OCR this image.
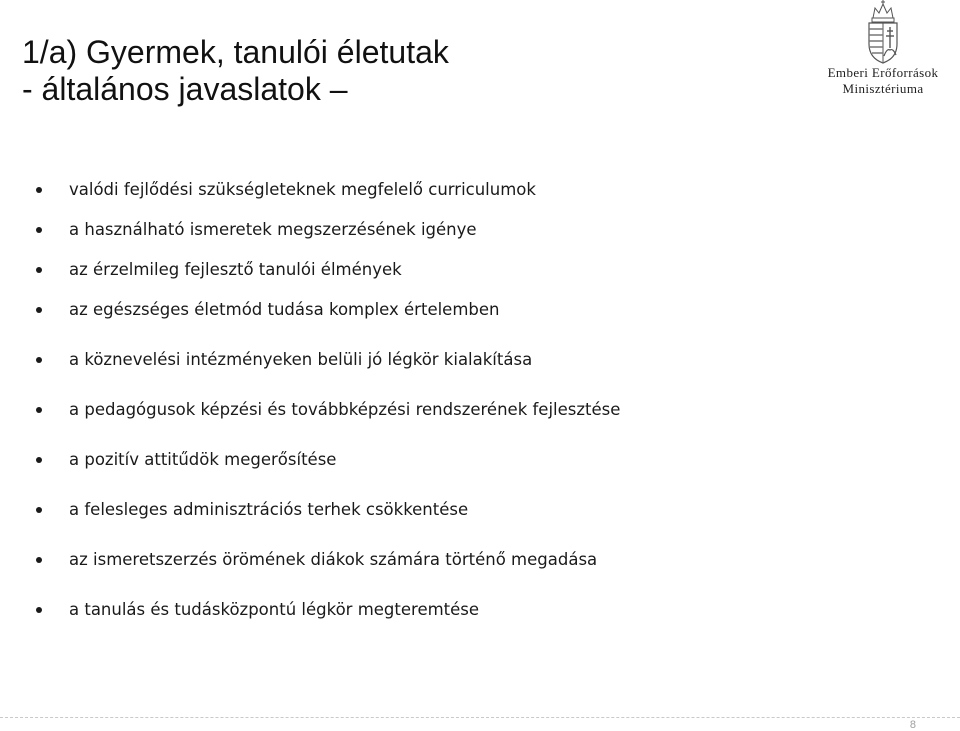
1/a) Gyermek, tanulói életutak
- általános javaslatok –	Emberi Erőforrások
Minisztériuma
valódi fejlődési szükségleteknek megfelelő curriculumok
a használható ismeretek megszerzésének igénye
az érzelmileg fejlesztő tanulói élmények
az egészséges életmód tudása komplex értelemben
a köznevelési intézményeken belüli jó légkör kialakítása
a pedagógusok képzési és továbbképzési rendszerének fejlesztése
a pozitív attitűdök megerősítése
a felesleges adminisztrációs terhek csökkentése
az ismeretszerzés örömének diákok számára történő megadása
a tanulás és tudásközpontú légkör megteremtése
8
